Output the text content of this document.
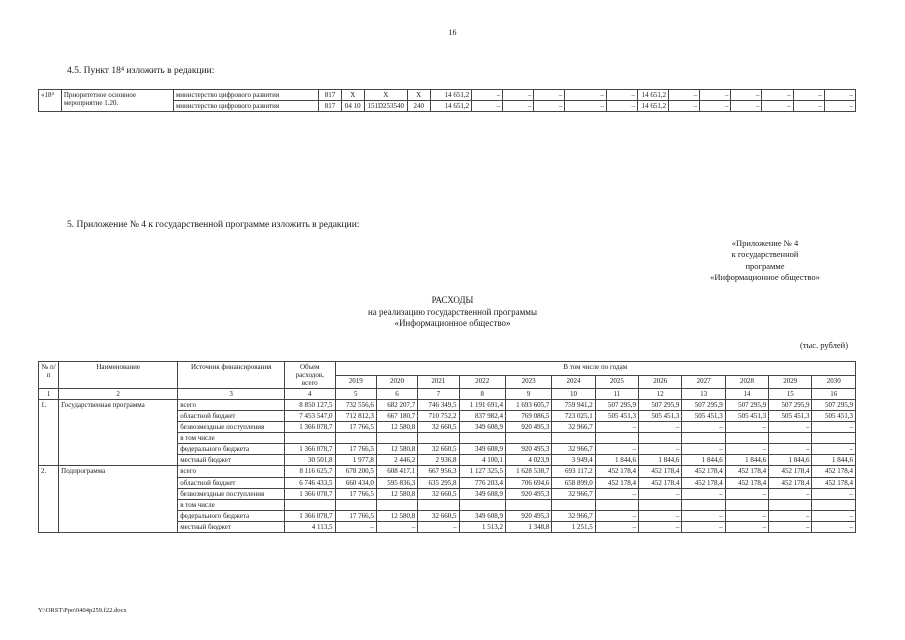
16
4.5. Пункт 18⁴ изложить в редакции:
«18⁴	Приоритетное основное мероприятие 1.20.	министерство цифрового развития	817	X	X	X	14 651,2	–	–	–	–	–	14 651,2	–	–	–	–	–	–
		министерство цифрового развития	817	04 10	151D253540	240	14 651,2	–	–	–	–	–	14 651,2	–	–	–	–	–	–
5. Приложение № 4 к государственной программе изложить в редакции:
«Приложение № 4
к государственной
программе
«Информационное общество»
РАСХОДЫ
на реализацию государственной программы
«Информационное общество»
(тыс. рублей)
№ п/п	Наименование	Источник финансирования	Объем расходов, всего	В том числе по годам											
				2019	2020	2021	2022	2023	2024	2025	2026	2027	2028	2029	2030
1	2	3	4	5	6	7	8	9	10	11	12	13	14	15	16
1.	Государственная программа	всего	8 850 127,5	732 556,6	682 207,7	746 349,5	1 191 691,4	1 693 605,7	759 941,2	507 295,9	507 295,9	507 295,9	507 295,9	507 295,9	507 295,9
		областной бюджет	7 453 547,0	712 812,3	667 180,7	710 752,2	837 982,4	769 086,5	723 025,1	505 451,3	505 451,3	505 451,3	505 451,3	505 451,3	505 451,3
		безвозмездные поступления	1 366 078,7	17 766,5	12 580,8	32 660,5	349 608,9	920 495,3	32 966,7	–	–	–	–	–	–
		в том числе													
		федерального бюджета	1 366 078,7	17 766,5	12 580,8	32 660,5	349 608,9	920 495,3	32 966,7	–	–	–	–	–	–
		местный бюджет	30 501,8	1 977,8	2 446,2	2 936,8	4 100,1	4 023,9	3 949,4	1 844,6	1 844,6	1 844,6	1 844,6	1 844,6	1 844,6
2.	Подпрограмма	всего	8 116 625,7	678 200,5	608 417,1	667 956,3	1 127 325,5	1 628 538,7	693 117,2	452 178,4	452 178,4	452 178,4	452 178,4	452 178,4	452 178,4
		областной бюджет	6 746 433,5	660 434,0	595 836,3	635 295,8	776 203,4	706 694,6	658 899,0	452 178,4	452 178,4	452 178,4	452 178,4	452 178,4	452 178,4
		безвозмездные поступления	1 366 078,7	17 766,5	12 580,8	32 660,5	349 608,9	920 495,3	32 966,7	–	–	–	–	–	–
		в том числе													
		федерального бюджета	1 366 078,7	17 766,5	12 580,8	32 660,5	349 608,9	920 495,3	32 966,7	–	–	–	–	–	–
		местный бюджет	4 113,5	–	–	–	1 513,2	1 348,8	1 251,5	–	–	–	–	–	–
Y:\ORST\Ppo\0404p259.f22.docx
